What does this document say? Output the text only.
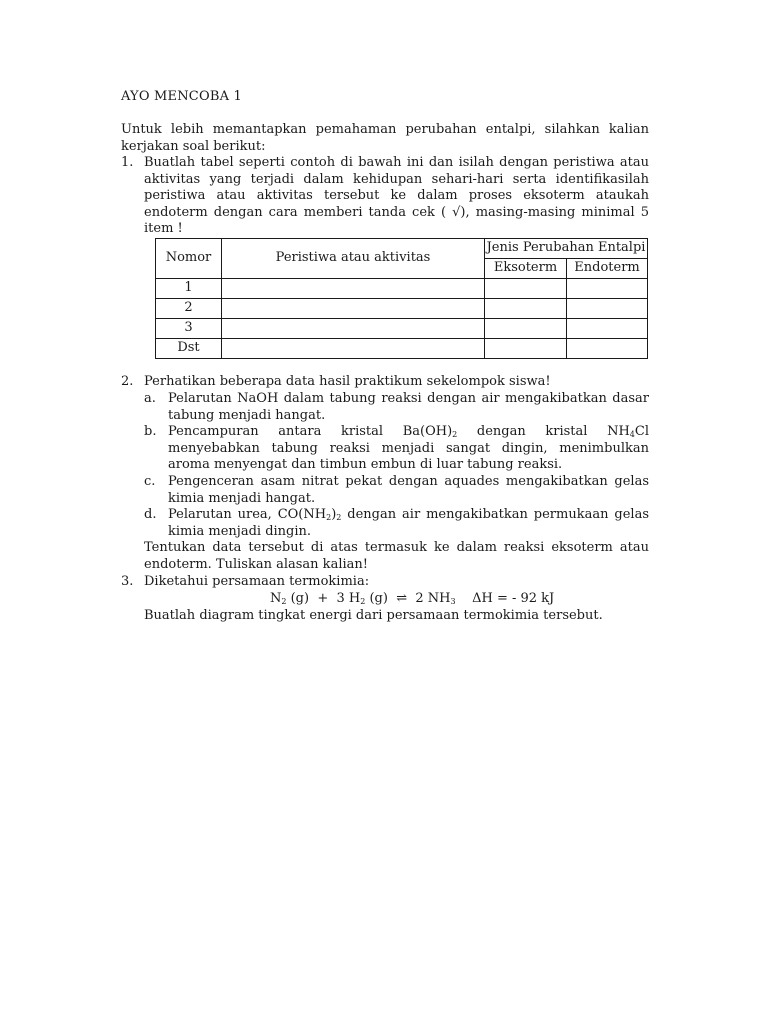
AYO MENCOBA 1
Untuk lebih memantapkan pemahaman perubahan entalpi, silahkan kalian kerjakan soal berikut:
1. Buatlah tabel seperti contoh di bawah ini dan isilah dengan peristiwa atau aktivitas yang terjadi dalam kehidupan sehari-hari serta identifikasilah peristiwa atau aktivitas tersebut ke dalam proses eksoterm ataukah endoterm dengan cara memberi tanda cek ( √), masing-masing minimal 5 item !
Nomor	Peristiwa atau aktivitas	Jenis Perubahan Entalpi	
		Eksoterm	Endoterm
1			
2			
3			
Dst			
2. Perhatikan beberapa data hasil praktikum sekelompok siswa!
a. Pelarutan NaOH dalam tabung reaksi dengan air mengakibatkan dasar tabung menjadi hangat.
b. Pencampuran antara kristal $Ba(OH)_2$ dengan kristal $NH_4Cl$ menyebabkan tabung reaksi menjadi sangat dingin, menimbulkan aroma menyengat dan timbun embun di luar tabung reaksi.
c. Pengenceran asam nitrat pekat dengan aquades mengakibatkan gelas kimia menjadi hangat.
d. Pelarutan urea, $CO(NH_2)_2$ dengan air mengakibatkan permukaan gelas kimia menjadi dingin.
Tentukan data tersebut di atas termasuk ke dalam reaksi eksoterm atau endoterm. Tuliskan alasan kalian!
3. Diketahui persamaan termokimia:
Buatlah diagram tingkat energi dari persamaan termokimia tersebut.
$N_2$ (g)  +  3 $H_2$ (g)  ⇌  2 $NH_3$    ΔH = - 92 kJ
